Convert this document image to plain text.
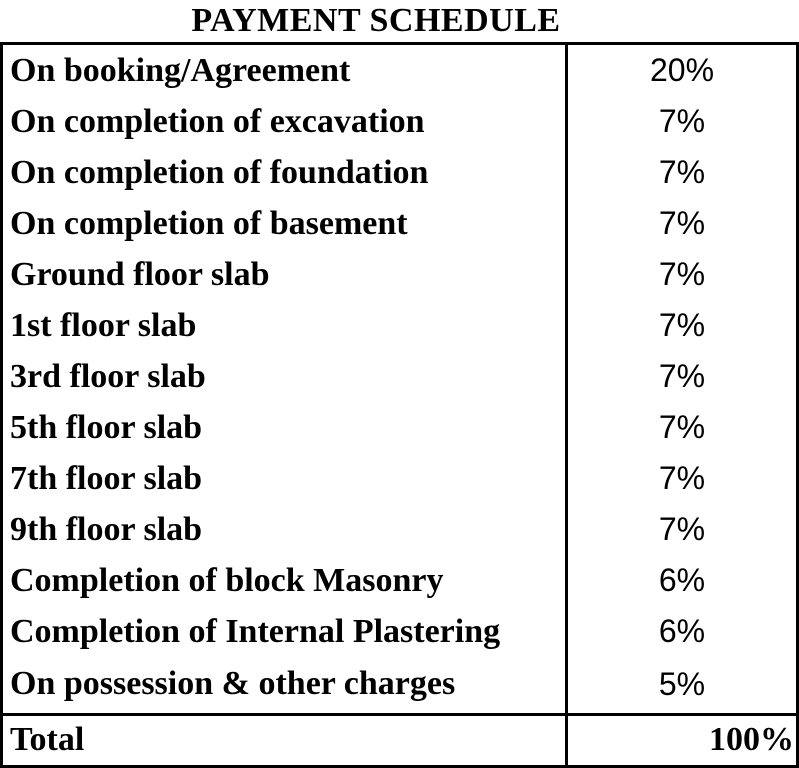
PAYMENT SCHEDULE
On booking/Agreement	20%
On completion of excavation	7%
On completion of foundation	7%
On completion of basement	7%
Ground floor slab	7%
1st floor slab	7%
3rd floor slab	7%
5th floor slab	7%
7th floor slab	7%
9th floor slab	7%
Completion of block Masonry	6%
Completion of Internal Plastering	6%
On possession & other charges	5%
Total	100%
